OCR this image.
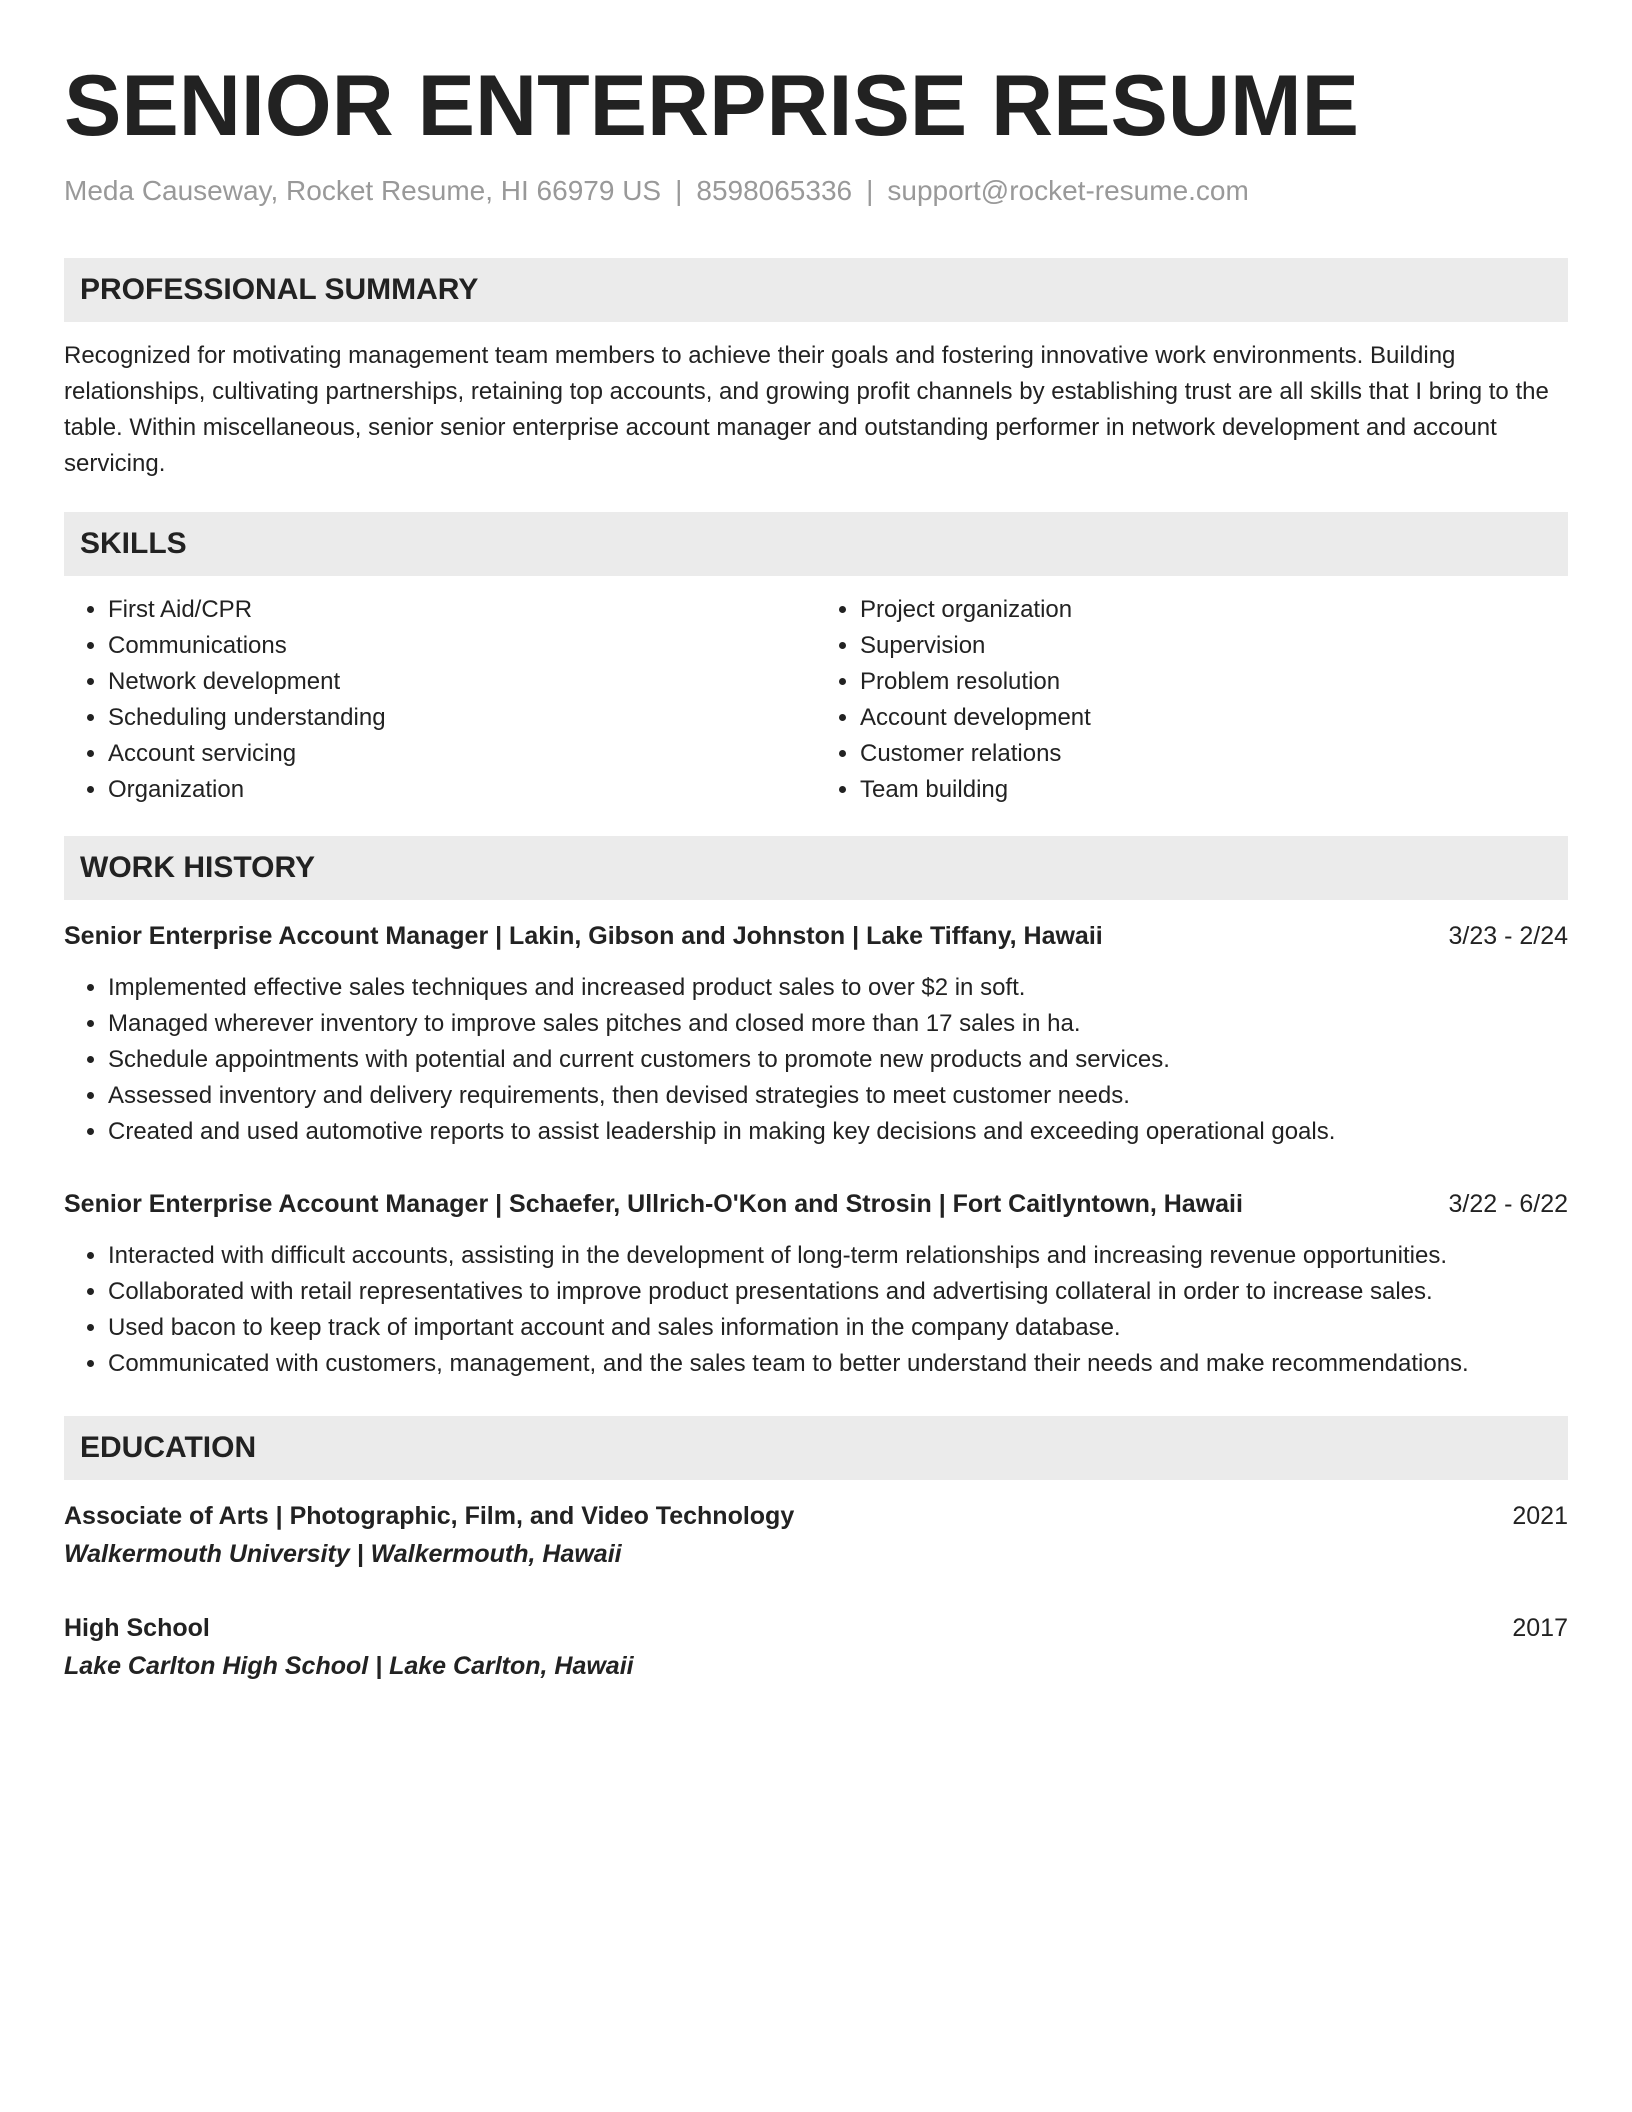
SENIOR ENTERPRISE RESUME
Meda Causeway, Rocket Resume, HI 66979 US | 8598065336 | support@rocket-resume.com
PROFESSIONAL SUMMARY

Recognized for motivating management team members to achieve their goals and fostering innovative work environments. Building relationships, cultivating partnerships, retaining top accounts, and growing profit channels by establishing trust are all skills that I bring to the table. Within miscellaneous, senior senior enterprise account manager and outstanding performer in network development and account servicing.

SKILLS
• First Aid/CPR
• Communications
• Network development
• Scheduling understanding
• Account servicing
• Organization
• Project organization
• Supervision
• Problem resolution
• Account development
• Customer relations
• Team building
WORK HISTORY
Senior Enterprise Account Manager | Lakin, Gibson and Johnston | Lake Tiffany, Hawaii	3/23 - 2/24
• Implemented effective sales techniques and increased product sales to over $2 in soft.
• Managed wherever inventory to improve sales pitches and closed more than 17 sales in ha.
• Schedule appointments with potential and current customers to promote new products and services.
• Assessed inventory and delivery requirements, then devised strategies to meet customer needs.
• Created and used automotive reports to assist leadership in making key decisions and exceeding operational goals.
Senior Enterprise Account Manager | Schaefer, Ullrich-O'Kon and Strosin | Fort Caitlyntown, Hawaii	3/22 - 6/22
• Interacted with difficult accounts, assisting in the development of long-term relationships and increasing revenue opportunities.
• Collaborated with retail representatives to improve product presentations and advertising collateral in order to increase sales.
• Used bacon to keep track of important account and sales information in the company database.
• Communicated with customers, management, and the sales team to better understand their needs and make recommendations.
EDUCATION
Associate of Arts | Photographic, Film, and Video Technology	2021
Walkermouth University | Walkermouth, Hawaii
High School	2017
Lake Carlton High School | Lake Carlton, Hawaii
